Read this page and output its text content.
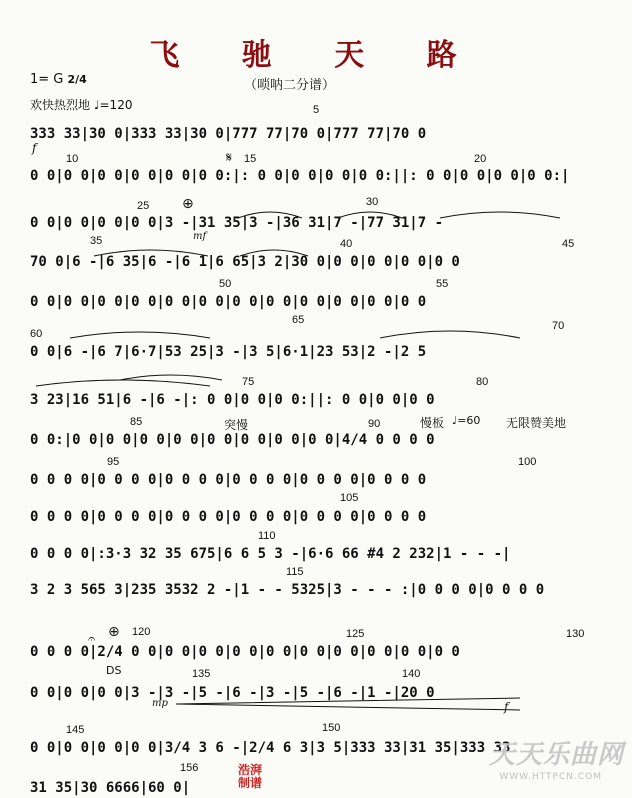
飞 驰 天 路
（唢呐二分谱）
1= G 2/4
欢快热烈地 ♩=120
333 33|30 0|333 33|30 0|777 77|70 0|777 77|70 0
0 0|0 0|0 0|0 0|0 0|0 0:|: 0 0|0 0|0 0|0 0:||: 0 0|0 0|0 0|0 0:|
0 0|0 0|0 0|0 0|3 -|31 35|3 -|36 31|7 -|77 31|7 -
70 0|6 -|6 35|6 -|6 1|6 65|3 2|30 0|0 0|0 0|0 0|0 0
0 0|0 0|0 0|0 0|0 0|0 0|0 0|0 0|0 0|0 0|0 0|0 0
0 0|6 -|6 7|6·7|53 25|3 -|3 5|6·1|23 53|2 -|2 5
3 23|16 51|6 -|6 -|: 0 0|0 0|0 0:||: 0 0|0 0|0 0
0 0:|0 0|0 0|0 0|0 0|0 0|0 0|0 0|0 0|4/4 0 0 0 0
0 0 0 0|0 0 0 0|0 0 0 0|0 0 0 0|0 0 0 0|0 0 0 0
0 0 0 0|0 0 0 0|0 0 0 0|0 0 0 0|0 0 0 0|0 0 0 0
0 0 0 0|:3·3 32 35 675|6 6 5 3 -|6·6 66 #4 2 232|1 - - -|
3 2 3 565 3|235 3532 2 -|1 - - 5325|3 - - - :|0 0 0 0|0 0 0 0
0 0 0 0|2/4 0 0|0 0|0 0|0 0|0 0|0 0|0 0|0 0|0 0|0 0
0 0|0 0|0 0|3 -|3 -|5 -|6 -|3 -|5 -|6 -|1 -|20 0
0 0|0 0|0 0|0 0|3/4 3 6 -|2/4 6 3|3 5|333 33|31 35|333 33
31 35|30 6666|60 0|
5
10	15	20
25	30
35	40	45
50	55
60
65	70
75	80
85	90
95	100
105
110
115
120	125	130
135	140
145	150
156
𝄋
⊕
f
mf
突慢	慢板 ♩=60 无限赞美地
𝄐 ⊕
DS
mp	f
浩湃制谱
天天乐曲网
WWW.HTTPCN.COM
